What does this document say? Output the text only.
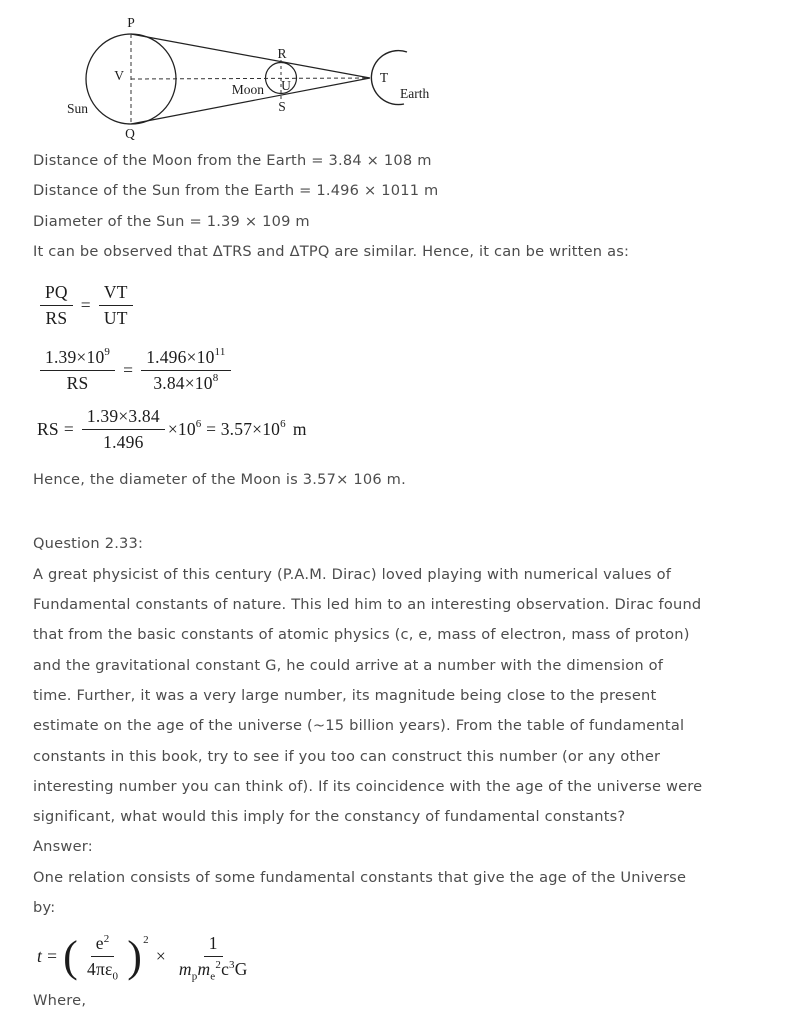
P
V
Q
Sun
R
U
S
Moon
T
Earth
Distance of the Moon from the Earth = 3.84 × 108 m
Distance of the Sun from the Earth = 1.496 × 1011 m
Diameter of the Sun = 1.39 × 109 m
It can be observed that ΔTRS and ΔTPQ are similar. Hence, it can be written as:
$\frac{PQ}{RS} = \frac{VT}{UT}$
$\frac{1.39\times 10^9}{RS} = \frac{1.496\times 10^{11}}{3.84\times 10^8}$
RS = $\frac{1.39\times 3.84}{1.496} \times 10^6 = 3.57\times 10^6$ m
Hence, the diameter of the Moon is 3.57× 106 m.
Question 2.33:
A great physicist of this century (P.A.M. Dirac) loved playing with numerical values of
Fundamental constants of nature. This led him to an interesting observation. Dirac found
that from the basic constants of atomic physics (c, e, mass of electron, mass of proton)
and the gravitational constant G, he could arrive at a number with the dimension of
time. Further, it was a very large number, its magnitude being close to the present
estimate on the age of the universe (~15 billion years). From the table of fundamental
constants in this book, try to see if you too can construct this number (or any other
interesting number you can think of). If its coincidence with the age of the universe were
significant, what would this imply for the constancy of fundamental constants?
Answer:
One relation consists of some fundamental constants that give the age of the Universe
by:
t = ( $\frac{e^2}{4\pi\varepsilon_0}$ ) 2
× $\frac{1}{m_pm_e^2c^3G}$
Where,
